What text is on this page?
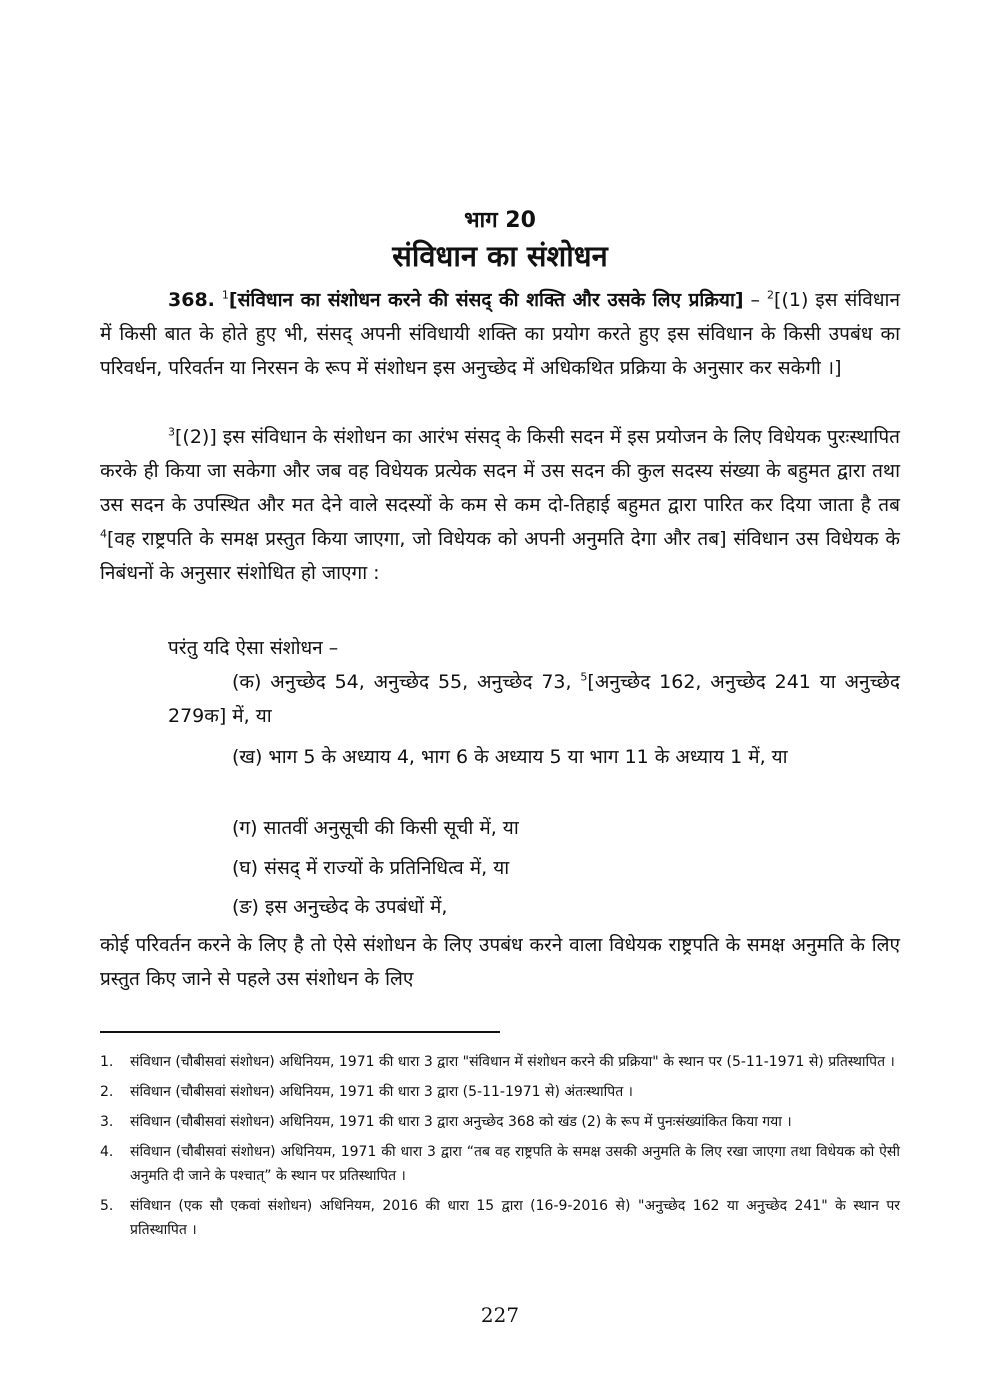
भाग 20
संविधान का संशोधन
368. $^1$[संविधान का संशोधन करने की संसद् की शक्ति और उसके लिए प्रक्रिया] – $^2$[(1) इस संविधान में किसी बात के होते हुए भी, संसद् अपनी संविधायी शक्ति का प्रयोग करते हुए इस संविधान के किसी उपबंध का परिवर्धन, परिवर्तन या निरसन के रूप में संशोधन इस अनुच्छेद में अधिकथित प्रक्रिया के अनुसार कर सकेगी ।]
$^3$[(2)] इस संविधान के संशोधन का आरंभ संसद् के किसी सदन में इस प्रयोजन के लिए विधेयक पुरःस्थापित करके ही किया जा सकेगा और जब वह विधेयक प्रत्येक सदन में उस सदन की कुल सदस्य संख्या के बहुमत द्वारा तथा उस सदन के उपस्थित और मत देने वाले सदस्यों के कम से कम दो-तिहाई बहुमत द्वारा पारित कर दिया जाता है तब $^4$[वह राष्ट्रपति के समक्ष प्रस्तुत किया जाएगा, जो विधेयक को अपनी अनुमति देगा और तब] संविधान उस विधेयक के निबंधनों के अनुसार संशोधित हो जाएगा :
परंतु यदि ऐसा संशोधन –
(क) अनुच्छेद 54, अनुच्छेद 55, अनुच्छेद 73, $^5$[अनुच्छेद 162, अनुच्छेद 241 या अनुच्छेद 279क] में, या
(ख) भाग 5 के अध्याय 4, भाग 6 के अध्याय 5 या भाग 11 के अध्याय 1 में, या
(ग) सातवीं अनुसूची की किसी सूची में, या
(घ) संसद् में राज्यों के प्रतिनिधित्व में, या
(ङ) इस अनुच्छेद के उपबंधों में,
कोई परिवर्तन करने के लिए है तो ऐसे संशोधन के लिए उपबंध करने वाला विधेयक राष्ट्रपति के समक्ष अनुमति के लिए प्रस्तुत किए जाने से पहले उस संशोधन के लिए
1.	संविधान (चौबीसवां संशोधन) अधिनियम, 1971 की धारा 3 द्वारा "संविधान में संशोधन करने की प्रक्रिया" के स्थान पर (5-11-1971 से) प्रतिस्थापित ।
2.	संविधान (चौबीसवां संशोधन) अधिनियम, 1971 की धारा 3 द्वारा (5-11-1971 से) अंतःस्थापित ।
3.	संविधान (चौबीसवां संशोधन) अधिनियम, 1971 की धारा 3 द्वारा अनुच्छेद 368 को खंड (2) के रूप में पुनःसंख्यांकित किया गया ।
4.	संविधान (चौबीसवां संशोधन) अधिनियम, 1971 की धारा 3 द्वारा “तब वह राष्ट्रपति के समक्ष उसकी अनुमति के लिए रखा जाएगा तथा विधेयक को ऐसी अनुमति दी जाने के पश्चात्” के स्थान पर प्रतिस्थापित ।
5.	संविधान (एक सौ एकवां संशोधन) अधिनियम, 2016 की धारा 15 द्वारा (16-9-2016 से) "अनुच्छेद 162 या अनुच्छेद 241" के स्थान पर प्रतिस्थापित ।
227
